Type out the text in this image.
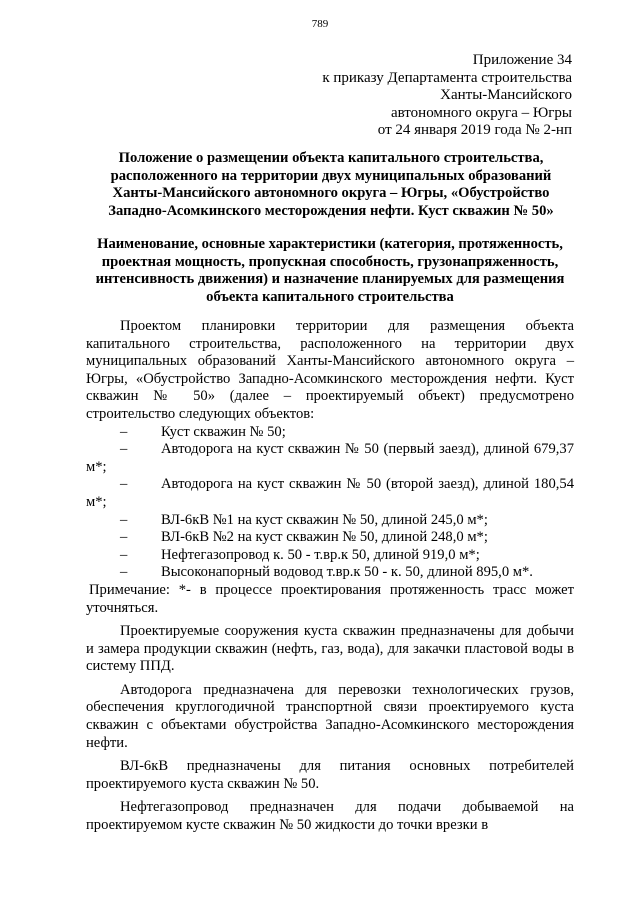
789
Приложение 34
к приказу Департамента строительства
Ханты-Мансийского
автономного округа – Югры
от 24 января 2019 года № 2-нп
Положение о размещении объекта капитального строительства,
расположенного на территории двух муниципальных образований
Ханты-Мансийского автономного округа – Югры, «Обустройство
Западно-Асомкинского месторождения нефти. Куст скважин № 50»
Наименование, основные характеристики (категория, протяженность,
проектная мощность, пропускная способность, грузонапряженность,
интенсивность движения) и назначение планируемых для размещения
объекта капитального строительства

Проектом планировки территории для размещения объекта капитального строительства, расположенного на территории двух муниципальных образований Ханты-Мансийского автономного округа – Югры, «Обустройство Западно-Асомкинского месторождения нефти. Куст скважин № 50» (далее – проектируемый объект) предусмотрено строительство следующих объектов:

– Куст скважин № 50;

– Автодорога на куст скважин № 50 (первый заезд), длиной 679,37 м*;

– Автодорога на куст скважин № 50 (второй заезд), длиной 180,54 м*;

– ВЛ-6кВ №1 на куст скважин № 50, длиной 245,0 м*;

– ВЛ-6кВ №2 на куст скважин № 50, длиной 248,0 м*;

– Нефтегазопровод к. 50 - т.вр.к 50, длиной 919,0 м*;

– Высоконапорный водовод т.вр.к 50 - к. 50, длиной 895,0 м*.

Примечание: *- в процессе проектирования протяженность трасс может уточняться.

Проектируемые сооружения куста скважин предназначены для добычи и замера продукции скважин (нефть, газ, вода), для закачки пластовой воды в систему ППД.

Автодорога предназначена для перевозки технологических грузов, обеспечения круглогодичной транспортной связи проектируемого куста скважин с объектами обустройства Западно-Асомкинского месторождения нефти.

ВЛ-6кВ предназначены для питания основных потребителей проектируемого куста скважин № 50.

Нефтегазопровод предназначен для подачи добываемой на проектируемом кусте скважин № 50 жидкости до точки врезки в
